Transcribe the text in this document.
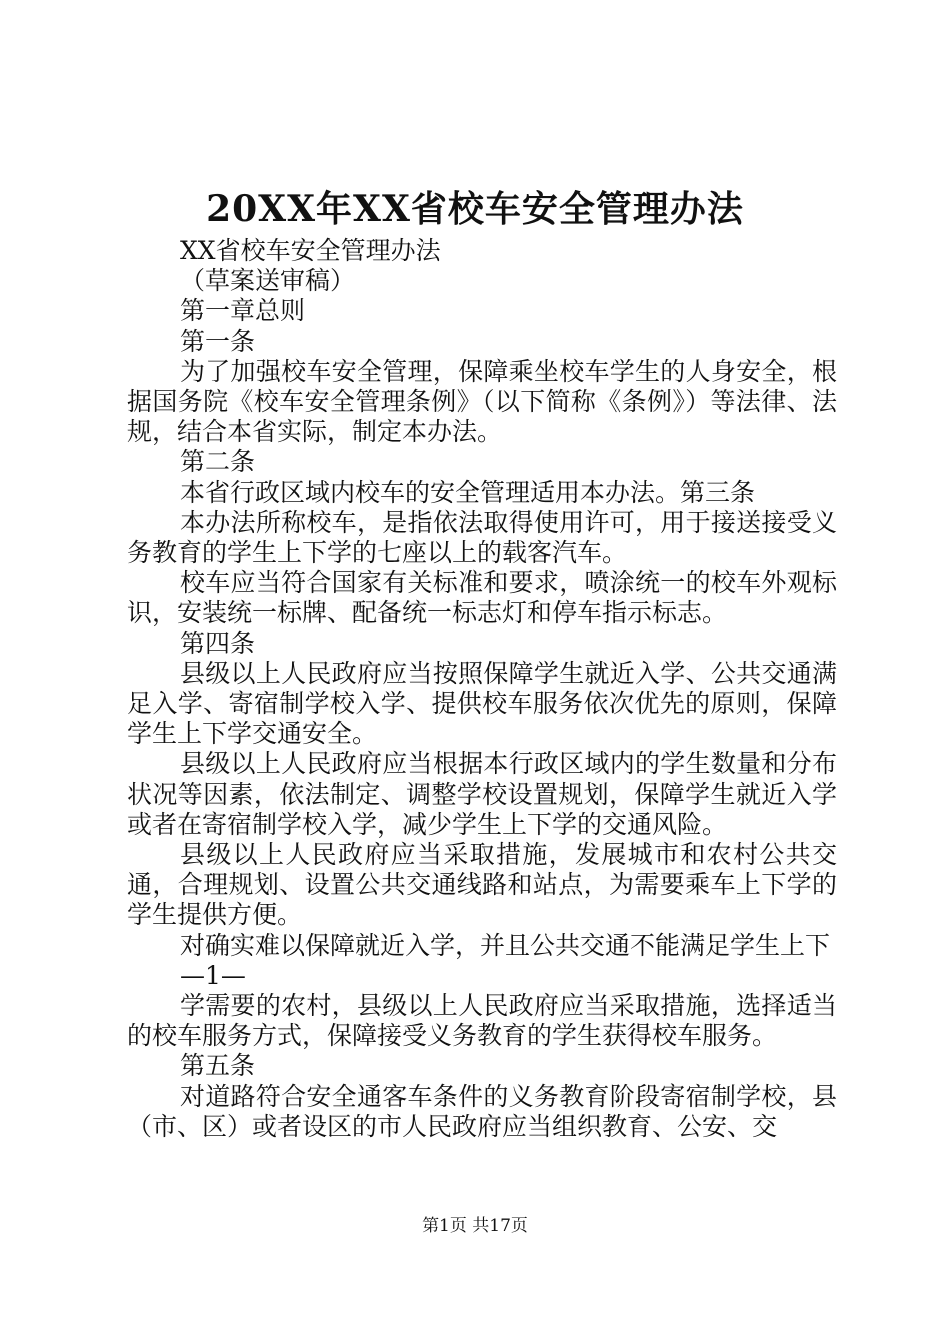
20XX年XX省校车安全管理办法

XX省校车安全管理办法

（草案送审稿）

第一章总则

第一条

为了加强校车安全管理，保障乘坐校车学生的人身安全，根据国务院《校车安全管理条例》（以下简称《条例》）等法律、法规，结合本省实际，制定本办法。

第二条

本省行政区域内校车的安全管理适用本办法。第三条

本办法所称校车，是指依法取得使用许可，用于接送接受义务教育的学生上下学的七座以上的载客汽车。

校车应当符合国家有关标准和要求，喷涂统一的校车外观标识，安装统一标牌、配备统一标志灯和停车指示标志。

第四条

县级以上人民政府应当按照保障学生就近入学、公共交通满足入学、寄宿制学校入学、提供校车服务依次优先的原则，保障学生上下学交通安全。

县级以上人民政府应当根据本行政区域内的学生数量和分布状况等因素，依法制定、调整学校设置规划，保障学生就近入学或者在寄宿制学校入学，减少学生上下学的交通风险。

县级以上人民政府应当采取措施，发展城市和农村公共交通，合理规划、设置公共交通线路和站点，为需要乘车上下学的学生提供方便。

对确实难以保障就近入学，并且公共交通不能满足学生上下

—1—

学需要的农村，县级以上人民政府应当采取措施，选择适当的校车服务方式，保障接受义务教育的学生获得校车服务。

第五条

对道路符合安全通客车条件的义务教育阶段寄宿制学校，县（市、区）或者设区的市人民政府应当组织教育、公安、交

第1页 共17页
